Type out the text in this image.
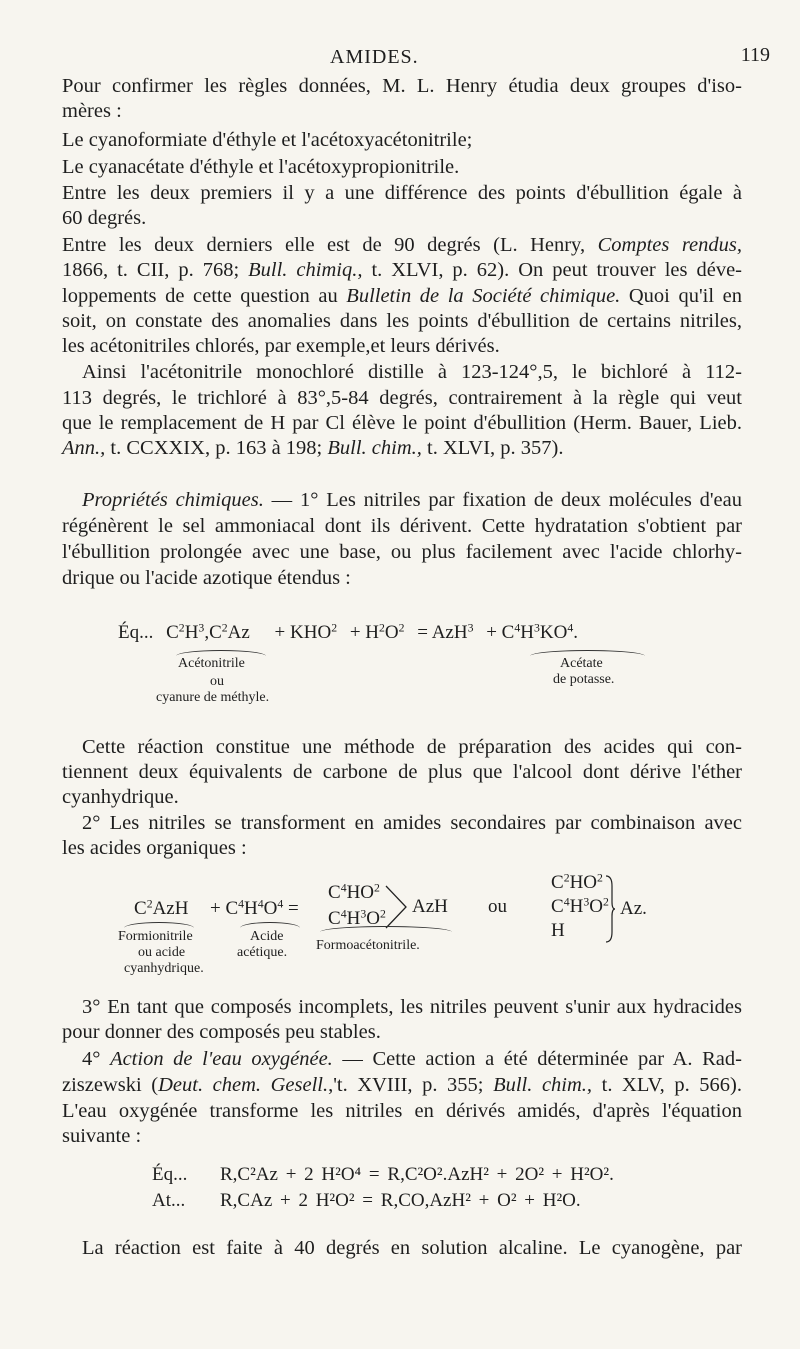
AMIDES.	119
Pour confirmer les règles données, M. L. Henry étudia deux groupes d'iso-
mères :
Le cyanoformiate d'éthyle et l'acétoxyacétonitrile;
Le cyanacétate d'éthyle et l'acétoxypropionitrile.
Entre les deux premiers il y a une différence des points d'ébullition égale à
60 degrés.
Entre les deux derniers elle est de 90 degrés (L. Henry, Comptes rendus,
1866, t. CII, p. 768; Bull. chimiq., t. XLVI, p. 62). On peut trouver les déve-
loppements de cette question au Bulletin de la Société chimique. Quoi qu'il en
soit, on constate des anomalies dans les points d'ébullition de certains nitriles,
les acétonitriles chlorés, par exemple,et leurs dérivés.
Ainsi l'acétonitrile monochloré distille à 123-124°,5, le bichloré à 112-
113 degrés, le trichloré à 83°,5-84 degrés, contrairement à la règle qui veut
que le remplacement de H par Cl élève le point d'ébullition (Herm. Bauer, Lieb.
Ann., t. CCXXIX, p. 163 à 198; Bull. chim., t. XLVI, p. 357).
Propriétés chimiques. — 1° Les nitriles par fixation de deux molécules d'eau
régénèrent le sel ammoniacal dont ils dérivent. Cette hydratation s'obtient par
l'ébullition prolongée avec une base, ou plus facilement avec l'acide chlorhy-
drique ou l'acide azotique étendus :
Éq... $C^2H^3,C^2Az + KHO^2 + H^2O^2 = AzH^3 + C^4H^3KO^4$.
Acétonitrile
ou
cyanure de méthyle.
Acétate
de potasse.
Cette réaction constitue une méthode de préparation des acides qui con-
tiennent deux équivalents de carbone de plus que l'alcool dont dérive l'éther
cyanhydrique.
2° Les nitriles se transforment en amides secondaires par combinaison avec
les acides organiques :
$C^2AzH + C^4H^4O^4$ =
$C^4HO^2$
$C^4H^3O^2$ AzH ou
$C^2HO^2$
$C^4H^3O^2$
H
Az.
Formionitrile
ou acide
cyanhydrique.
Acide
acétique. Formoacétonitrile.
3° En tant que composés incomplets, les nitriles peuvent s'unir aux hydracides
pour donner des composés peu stables.
4° Action de l'eau oxygénée. — Cette action a été déterminée par A. Rad-
ziszewski (Deut. chem. Gesell.,'t. XVIII, p. 355; Bull. chim., t. XLV, p. 566).
L'eau oxygénée transforme les nitriles en dérivés amidés, d'après l'équation
suivante :
Éq... R,C²Az + 2 H²O⁴ = R,C²O².AzH² + 2O² + H²O².
At... R,CAz + 2 H²O² = R,CO,AzH² + O² + H²O.
La réaction est faite à 40 degrés en solution alcaline. Le cyanogène, par
